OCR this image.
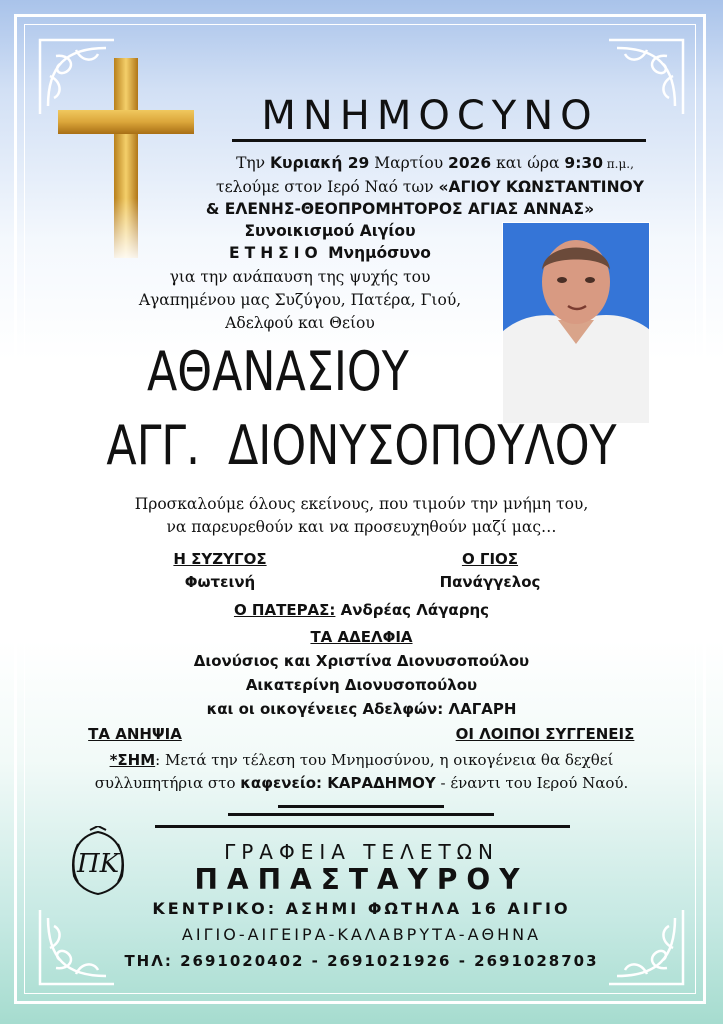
ΜΝΗΜΟCΥΝΟ
Την Κυριακή 29 Μαρτίου 2026 και ώρα 9:30 π.μ.,
τελούμε στον Ιερό Ναό των «ΑΓΙΟΥ ΚΩΝΣΤΑΝΤΙΝΟΥ
& ΕΛΕΝΗΣ-ΘΕΟΠΡΟΜΗΤΟΡΟΣ ΑΓΙΑΣ ΑΝΝΑΣ»
Συνοικισμού Αιγίου
ΕΤΗΣΙΟ Μνημόσυνο
για την ανάπαυση της ψυχής του
Αγαπημένου μας Συζύγου, Πατέρα, Γιού,
Αδελφού και Θείου
ΑΘΑΝΑΣΙΟΥ
ΑΓΓ. ΔΙΟΝΥΣΟΠΟΥΛΟΥ
Προσκαλούμε όλους εκείνους, που τιμούν την μνήμη του,
να παρευρεθούν και να προσευχηθούν μαζί μας…
Η ΣΥΖΥΓΟΣ
Φωτεινή
Ο ΓΙΟΣ
Πανάγγελος
Ο ΠΑΤΕΡΑΣ: Ανδρέας Λάγαρης
ΤΑ ΑΔΕΛΦΙΑ
Διονύσιος και Χριστίνα Διονυσοπούλου
Αικατερίνη Διονυσοπούλου
και οι οικογένειες Αδελφών: ΛΑΓΑΡΗ
ΤΑ ΑΝΗΨΙΑ	ΟΙ ΛΟΙΠΟΙ ΣΥΓΓΕΝΕΙΣ
*ΣΗΜ: Μετά την τέλεση του Μνημοσύνου, η οικογένεια θα δεχθεί
συλλυπητήρια στο καφενείο: ΚΑΡΑΔΗΜΟΥ - έναντι του Ιερού Ναού.
ΠΚ	ΓΡΑΦΕΙΑ ΤΕΛΕΤΩΝ
ΠΑΠΑΣΤΑΥΡΟΥ
ΚΕΝΤΡΙΚΟ: ΑΣΗΜΙ ΦΩΤΗΛΑ 16 ΑΙΓΙΟ
ΑΙΓΙΟ-ΑΙΓΕΙΡΑ-ΚΑΛΑΒΡΥΤΑ-ΑΘΗΝΑ
ΤΗΛ: 2691020402 - 2691021926 - 2691028703
